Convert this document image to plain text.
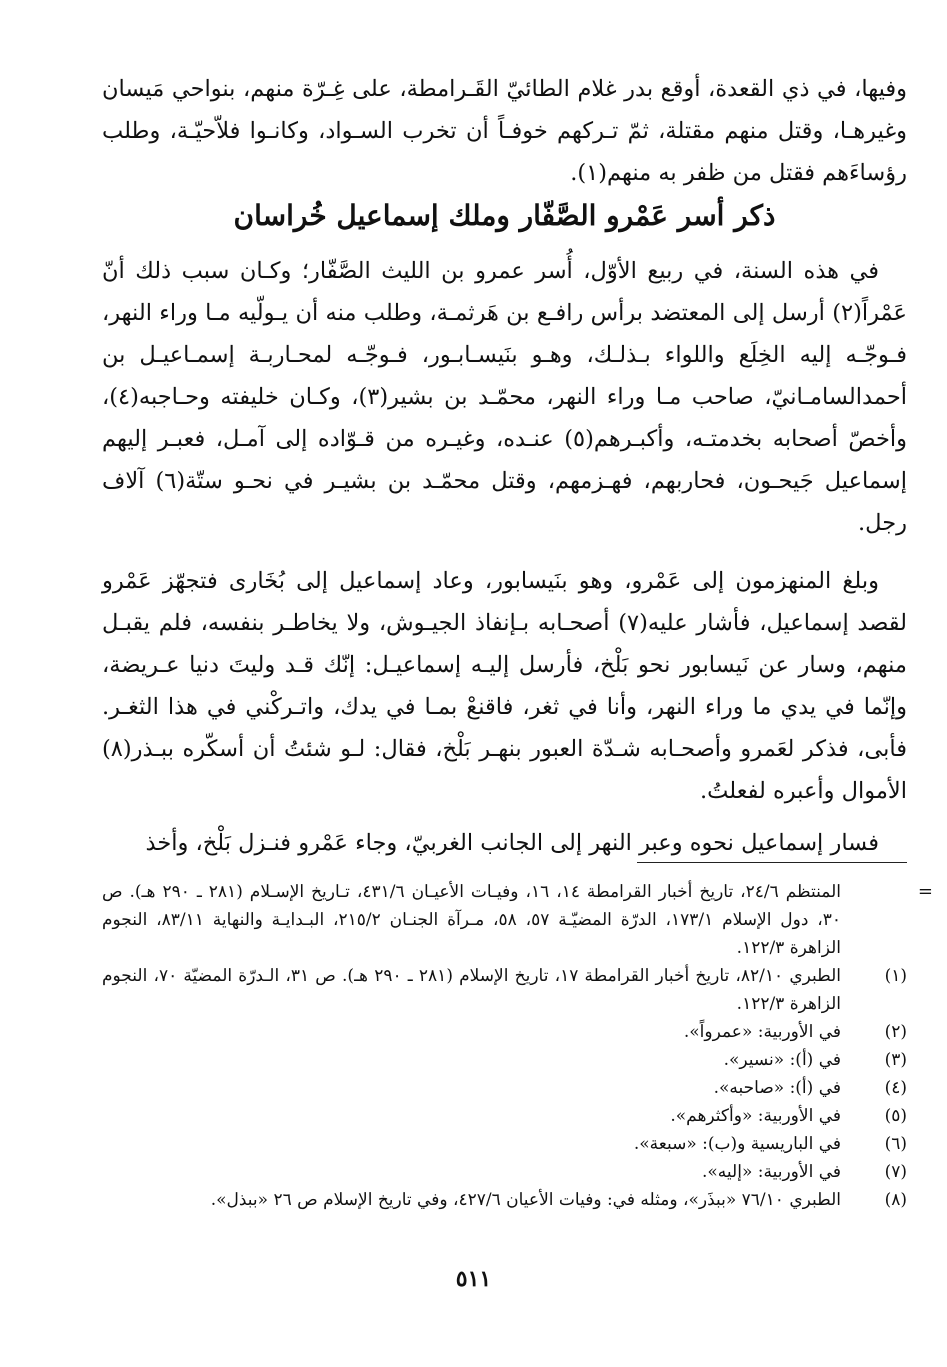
وفيها، في ذي القعدة، أوقع بدر غلام الطائيّ القَـرامطة، على غِـرّة منهم، بنواحي مَيسان وغيرهـا، وقتل منهم مقتلة، ثمّ تـركهم خوفـاً أن تخرب السـواد، وكانـوا فلاّحيّـة، وطلب رؤساءَهم فقتل من ظفر به منهم(١).

ذكر أسر عَمْرو الصَّفّار وملك إسماعيل خُراسان

في هذه السنة، في ربيع الأوّل، أُسر عمرو بن الليث الصَّفّار؛ وكـان سبب ذلك أنّ عَمْراً(٢) أرسل إلى المعتضد برأس رافـع بن هَرثمـة، وطلب منه أن يـولّيه مـا وراء النهر، فـوجّـه إليه الخِلَع واللواء بـذلـك، وهـو بنَيسـابـور، فـوجّـه لمحـاربـة إسمـاعيـل بن أحمدالسامـانيّ، صاحب مـا وراء النهر، محمّـد بن بشير(٣)، وكـان خليفته وحـاجبه(٤)، وأخصّ أصحابه بخدمتـه، وأكبـرهم(٥) عنـده، وغيـره من قـوّاده إلى آمـل، فعبـر إليهم إسماعيل جَيحـون، فحاربهم، فهـزمهم، وقتل محمّـد بن بشيـر في نحـو ستّة(٦) آلاف رجل.

وبلغ المنهزمون إلى عَمْرو، وهو بنَيسابور، وعاد إسماعيل إلى بُخَارى فتجهّز عَمْرو لقصد إسماعيل، فأشار عليه(٧) أصحـابه بـإنفاذ الجيـوش، ولا يخاطـر بنفسه، فلم يقبـل منهم، وسار عن نَيسابور نحو بَلْخ، فأرسل إليـه إسماعيـل: إنّك قـد وليتَ دنيا عـريضة، وإنّما في يدي ما وراء النهر، وأنا في ثغر، فاقنعْ بمـا في يدك، واتـركْني في هذا الثغـر. فأبى، فذكر لعَمرو وأصحـابه شـدّة العبور بنهـر بَلْخ، فقال: لـو شئتُ أن أسكّره ببـذر(٨) الأموال وأعبره لفعلتُ.

فسار إسماعيل نحوه وعبر النهر إلى الجانب الغربيّ، وجاء عَمْرو فنـزل بَلْخ، وأخذ

=
المنتظم ٢٤/٦، تاريخ أخبار القرامطة ١٤، ١٦، وفيـات الأعيـان ٤٣١/٦، تـاريخ الإسـلام (٢٨١ ـ ٢٩٠ هـ). ص ٣٠، دول الإسلام ١٧٣/١، الدرّة المضيّـة ٥٧، ٥٨، مـرآة الجنـان ٢١٥/٢، البـدايـة والنهاية ٨٣/١١، النجوم الزاهرة ١٢٢/٣.
(١)
الطبري ٨٢/١٠، تاريخ أخبار القرامطة ١٧، تاريخ الإسلام (٢٨١ ـ ٢٩٠ هـ). ص ٣١، الـدرّة المضيّة ٧٠، النجوم الزاهرة ١٢٢/٣.
(٢)
في الأوربية: «عمرواً».
(٣)
في (أ): «نسير».
(٤)
في (أ): «صاحبه».
(٥)
في الأوربية: «وأكثرهم».
(٦)
في الباريسية و(ب): «سبعة».
(٧)
في الأوربية: «إليه».
(٨)
الطبري ٧٦/١٠ «ببذَر»، ومثله في: وفيات الأعيان ٤٢٧/٦، وفي تاريخ الإسلام ص ٢٦ «ببذل».
٥١١
